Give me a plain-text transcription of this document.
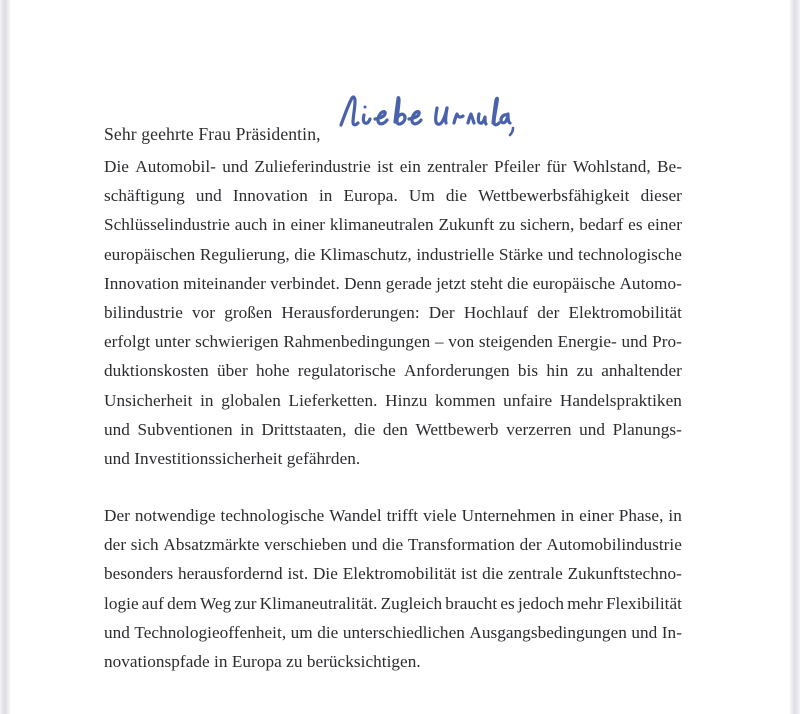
Sehr geehrte Frau Präsidentin,
Die Automobil- und Zulieferindustrie ist ein zentraler Pfeiler für Wohlstand, Be-
schäftigung und Innovation in Europa. Um die Wettbewerbsfähigkeit dieser
Schlüsselindustrie auch in einer klimaneutralen Zukunft zu sichern, bedarf es einer
europäischen Regulierung, die Klimaschutz, industrielle Stärke und technologische
Innovation miteinander verbindet. Denn gerade jetzt steht die europäische Automo-
bilindustrie vor großen Herausforderungen: Der Hochlauf der Elektromobilität
erfolgt unter schwierigen Rahmenbedingungen – von steigenden Energie- und Pro-
duktionskosten über hohe regulatorische Anforderungen bis hin zu anhaltender
Unsicherheit in globalen Lieferketten. Hinzu kommen unfaire Handelspraktiken
und Subventionen in Drittstaaten, die den Wettbewerb verzerren und Planungs-
und Investitionssicherheit gefährden.
Der notwendige technologische Wandel trifft viele Unternehmen in einer Phase, in
der sich Absatzmärkte verschieben und die Transformation der Automobilindustrie
besonders herausfordernd ist. Die Elektromobilität ist die zentrale Zukunftstechno-
logie auf dem Weg zur Klimaneutralität. Zugleich braucht es jedoch mehr Flexibilität
und Technologieoffenheit, um die unterschiedlichen Ausgangsbedingungen und In-
novationspfade in Europa zu berücksichtigen.
